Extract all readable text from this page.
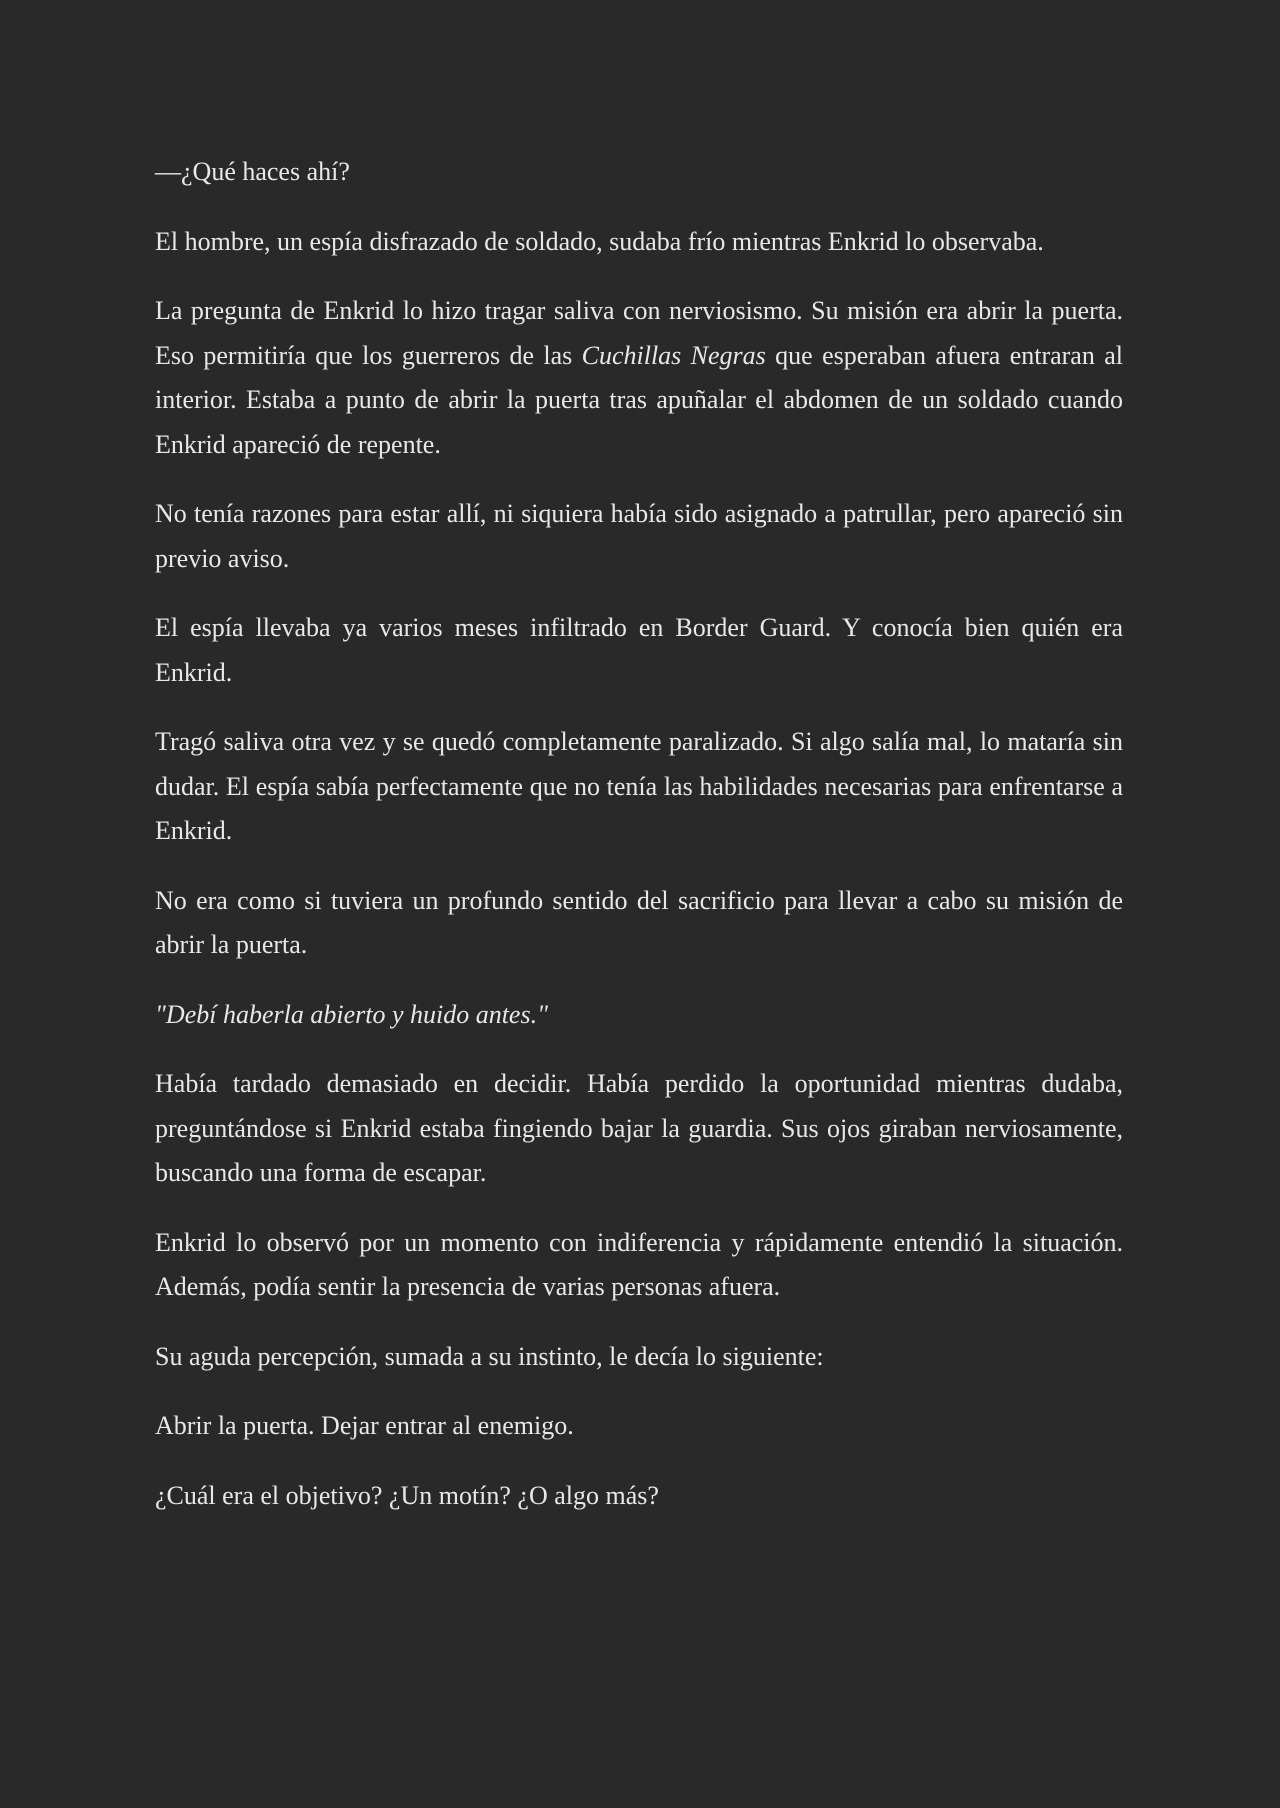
—¿Qué haces ahí?

El hombre, un espía disfrazado de soldado, sudaba frío mientras Enkrid lo observaba.

La pregunta de Enkrid lo hizo tragar saliva con nerviosismo. Su misión era abrir la puerta. Eso permitiría que los guerreros de las Cuchillas Negras que esperaban afuera entraran al interior. Estaba a punto de abrir la puerta tras apuñalar el abdomen de un soldado cuando Enkrid apareció de repente.

No tenía razones para estar allí, ni siquiera había sido asignado a patrullar, pero apareció sin previo aviso.

El espía llevaba ya varios meses infiltrado en Border Guard. Y conocía bien quién era Enkrid.

Tragó saliva otra vez y se quedó completamente paralizado. Si algo salía mal, lo mataría sin dudar. El espía sabía perfectamente que no tenía las habilidades necesarias para enfrentarse a Enkrid.

No era como si tuviera un profundo sentido del sacrificio para llevar a cabo su misión de abrir la puerta.

"Debí haberla abierto y huido antes."

Había tardado demasiado en decidir. Había perdido la oportunidad mientras dudaba, preguntándose si Enkrid estaba fingiendo bajar la guardia. Sus ojos giraban nerviosamente, buscando una forma de escapar.

Enkrid lo observó por un momento con indiferencia y rápidamente entendió la situación. Además, podía sentir la presencia de varias personas afuera.

Su aguda percepción, sumada a su instinto, le decía lo siguiente:

Abrir la puerta. Dejar entrar al enemigo.

¿Cuál era el objetivo? ¿Un motín? ¿O algo más?
